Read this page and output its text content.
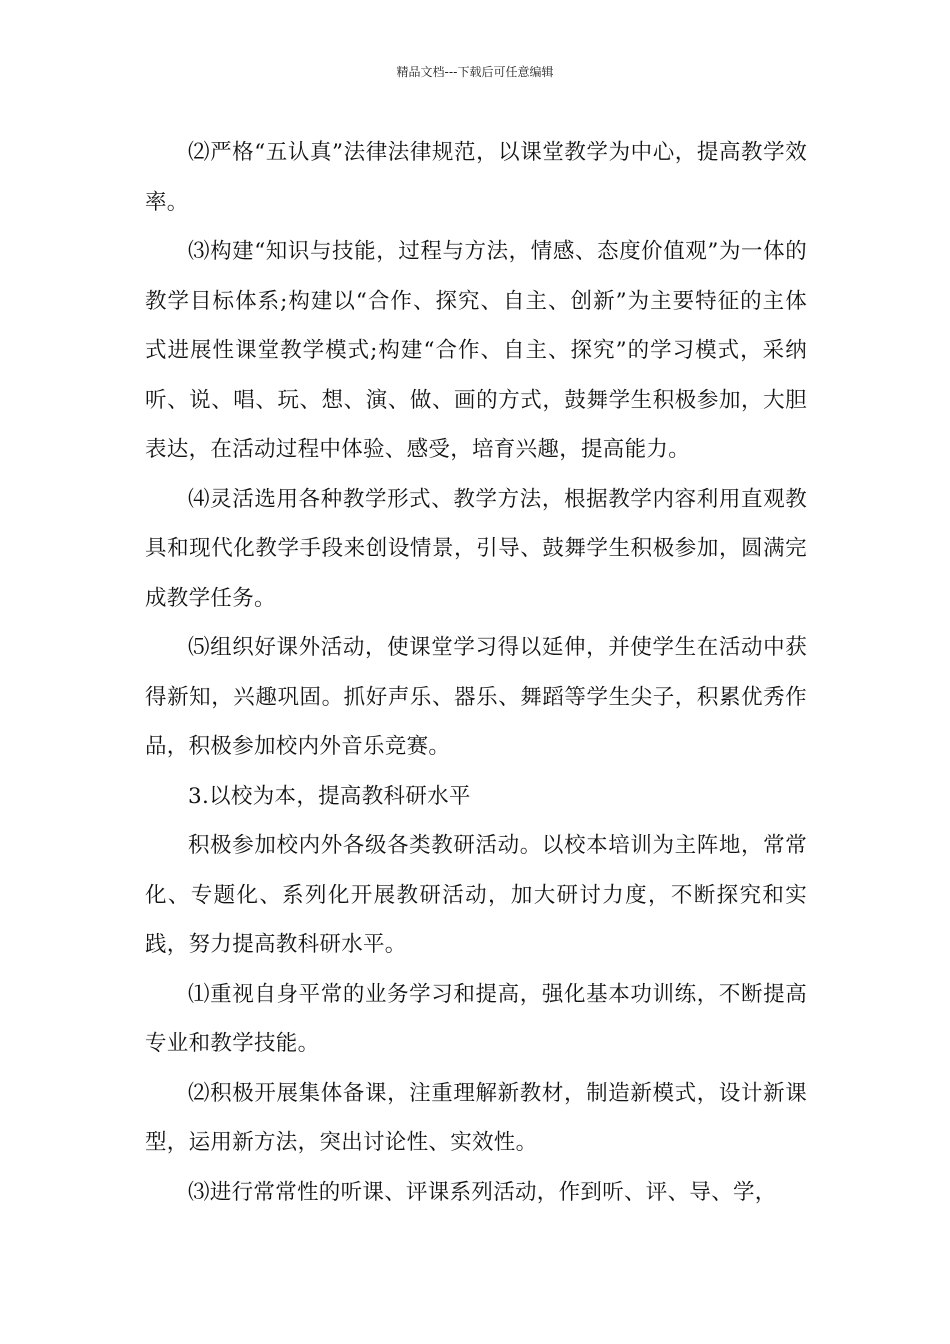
精品文档---下载后可任意编辑

⑵严格“五认真”法律法律规范，以课堂教学为中心，提高教学效率。

⑶构建“知识与技能，过程与方法，情感、态度价值观”为一体的教学目标体系;构建以“合作、探究、自主、创新”为主要特征的主体式进展性课堂教学模式;构建“合作、自主、探究”的学习模式，采纳听、说、唱、玩、想、演、做、画的方式，鼓舞学生积极参加，大胆表达，在活动过程中体验、感受，培育兴趣，提高能力。

⑷灵活选用各种教学形式、教学方法，根据教学内容利用直观教具和现代化教学手段来创设情景，引导、鼓舞学生积极参加，圆满完成教学任务。

⑸组织好课外活动，使课堂学习得以延伸，并使学生在活动中获得新知，兴趣巩固。抓好声乐、器乐、舞蹈等学生尖子，积累优秀作品，积极参加校内外音乐竞赛。

3.以校为本，提高教科研水平

积极参加校内外各级各类教研活动。以校本培训为主阵地，常常化、专题化、系列化开展教研活动，加大研讨力度，不断探究和实践，努力提高教科研水平。

⑴重视自身平常的业务学习和提高，强化基本功训练，不断提高专业和教学技能。

⑵积极开展集体备课，注重理解新教材，制造新模式，设计新课型，运用新方法，突出讨论性、实效性。

⑶进行常常性的听课、评课系列活动，作到听、评、导、学，
